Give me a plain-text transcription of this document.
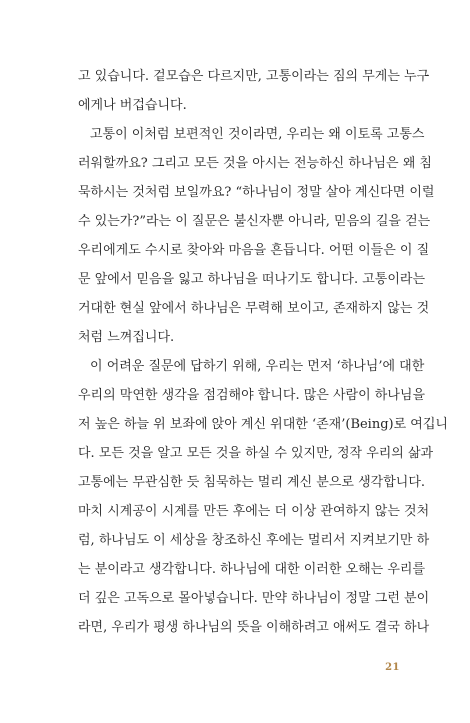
고 있습니다. 겉모습은 다르지만, 고통이라는 짐의 무게는 누구
에게나 버겁습니다.
고통이 이처럼 보편적인 것이라면, 우리는 왜 이토록 고통스
러워할까요? 그리고 모든 것을 아시는 전능하신 하나님은 왜 침
묵하시는 것처럼 보일까요? “하나님이 정말 살아 계신다면 이럴
수 있는가?”라는 이 질문은 불신자뿐 아니라, 믿음의 길을 걷는
우리에게도 수시로 찾아와 마음을 흔듭니다. 어떤 이들은 이 질
문 앞에서 믿음을 잃고 하나님을 떠나기도 합니다. 고통이라는
거대한 현실 앞에서 하나님은 무력해 보이고, 존재하지 않는 것
처럼 느껴집니다.
이 어려운 질문에 답하기 위해, 우리는 먼저 ‘하나님’에 대한
우리의 막연한 생각을 점검해야 합니다. 많은 사람이 하나님을
저 높은 하늘 위 보좌에 앉아 계신 위대한 ‘존재’(Being)로 여깁니
다. 모든 것을 알고 모든 것을 하실 수 있지만, 정작 우리의 삶과
고통에는 무관심한 듯 침묵하는 멀리 계신 분으로 생각합니다.
마치 시계공이 시계를 만든 후에는 더 이상 관여하지 않는 것처
럼, 하나님도 이 세상을 창조하신 후에는 멀리서 지켜보기만 하
는 분이라고 생각합니다. 하나님에 대한 이러한 오해는 우리를
더 깊은 고독으로 몰아넣습니다. 만약 하나님이 정말 그런 분이
라면, 우리가 평생 하나님의 뜻을 이해하려고 애써도 결국 하나
21
